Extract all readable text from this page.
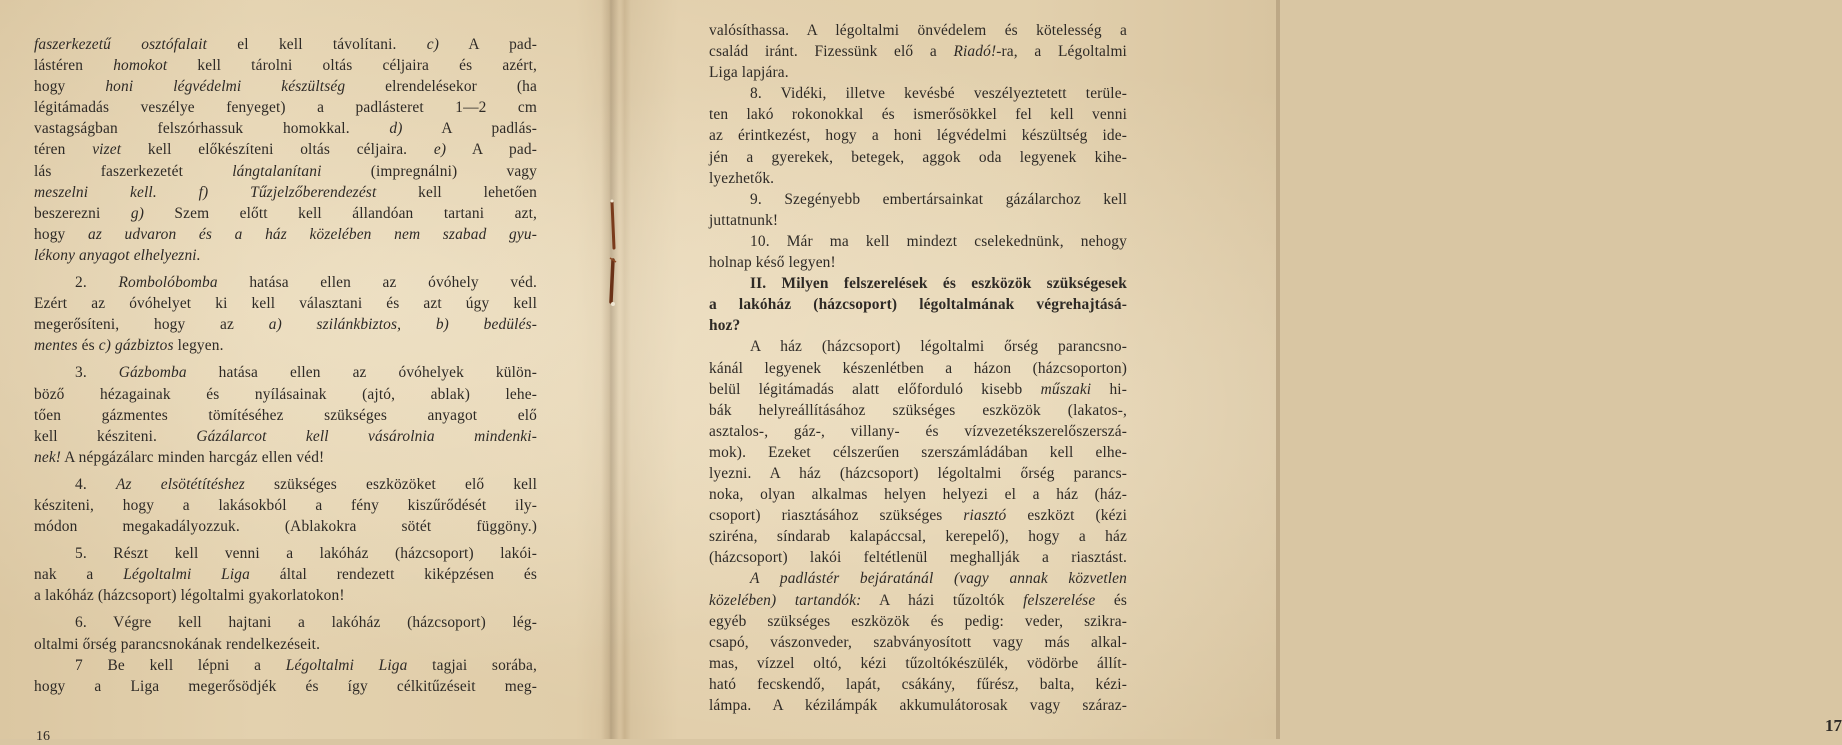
faszerkezetű osztófalait el kell távolítani. c) A pad-
lástéren homokot kell tárolni oltás céljaira és azért,
hogy honi légvédelmi készültség elrendelésekor (ha
légitámadás veszélye fenyeget) a padlásteret 1—2 cm
vastagságban felszórhassuk homokkal. d) A padlás-
téren vizet kell előkészíteni oltás céljaira. e) A pad-
lás faszerkezetét lángtalanítani (impregnálni) vagy
meszelni kell. f) Tűzjelzőberendezést kell lehetően
beszerezni g) Szem előtt kell állandóan tartani azt,
hogy az udvaron és a ház közelében nem szabad gyu-
lékony anyagot elhelyezni.
2. Rombolóbomba hatása ellen az óvóhely véd.
Ezért az óvóhelyet ki kell választani és azt úgy kell
megerősíteni, hogy az a) szilánkbiztos, b) bedülés-
mentes és c) gázbiztos legyen.
3. Gázbomba hatása ellen az óvóhelyek külön-
böző hézagainak és nyílásainak (ajtó, ablak) lehe-
tően gázmentes tömítéséhez szükséges anyagot elő
kell késziteni. Gázálarcot kell vásárolnia mindenki-
nek! A népgázálarc minden harcgáz ellen véd!
4. Az elsötétítéshez szükséges eszközöket elő kell
késziteni, hogy a lakásokból a fény kiszűrődését ily-
módon megakadályozzuk. (Ablakokra sötét függöny.)
5. Részt kell venni a lakóház (házcsoport) lakói-
nak a Légoltalmi Liga által rendezett kiképzésen és
a lakóház (házcsoport) légoltalmi gyakorlatokon!
6. Végre kell hajtani a lakóház (házcsoport) lég-
oltalmi őrség parancsnokának rendelkezéseit.
7 Be kell lépni a Légoltalmi Liga tagjai sorába,
hogy a Liga megerősödjék és így célkitűzéseit meg-
16
valósíthassa. A légoltalmi önvédelem és kötelesség a
család iránt. Fizessünk elő a Riadó!-ra, a Légoltalmi
Liga lapjára.
8. Vidéki, illetve kevésbé veszélyeztetett terüle-
ten lakó rokonokkal és ismerősökkel fel kell venni
az érintkezést, hogy a honi légvédelmi készültség ide-
jén a gyerekek, betegek, aggok oda legyenek kihe-
lyezhetők.
9. Szegényebb embertársainkat gázálarchoz kell
juttatnunk!
10. Már ma kell mindezt cselekednünk, nehogy
holnap késő legyen!
II. Milyen felszerelések és eszközök szükségesek
a lakóház (házcsoport) légoltalmának végrehajtásá-
hoz?
A ház (házcsoport) légoltalmi őrség parancsno-
kánál legyenek készenlétben a házon (házcsoporton)
belül légitámadás alatt előforduló kisebb műszaki hi-
bák helyreállításához szükséges eszközök (lakatos-,
asztalos-, gáz-, villany- és vízvezetékszerelőszerszá-
mok). Ezeket célszerűen szerszámládában kell elhe-
lyezni. A ház (házcsoport) légoltalmi őrség parancs-
noka, olyan alkalmas helyen helyezi el a ház (ház-
csoport) riasztásához szükséges riasztó eszközt (kézi
sziréna, síndarab kalapáccsal, kerepelő), hogy a ház
(házcsoport) lakói feltétlenül meghallják a riasztást.
A padlástér bejáratánál (vagy annak közvetlen
közelében) tartandók: A házi tűzoltók felszerelése és
egyéb szükséges eszközök és pedig: veder, szikra-
csapó, vászonveder, szabványosított vagy más alkal-
mas, vízzel oltó, kézi tűzoltókészülék, vödörbe állít-
ható fecskendő, lapát, csákány, fűrész, balta, kézi-
lámpa. A kézilámpák akkumulátorosak vagy száraz-
17
